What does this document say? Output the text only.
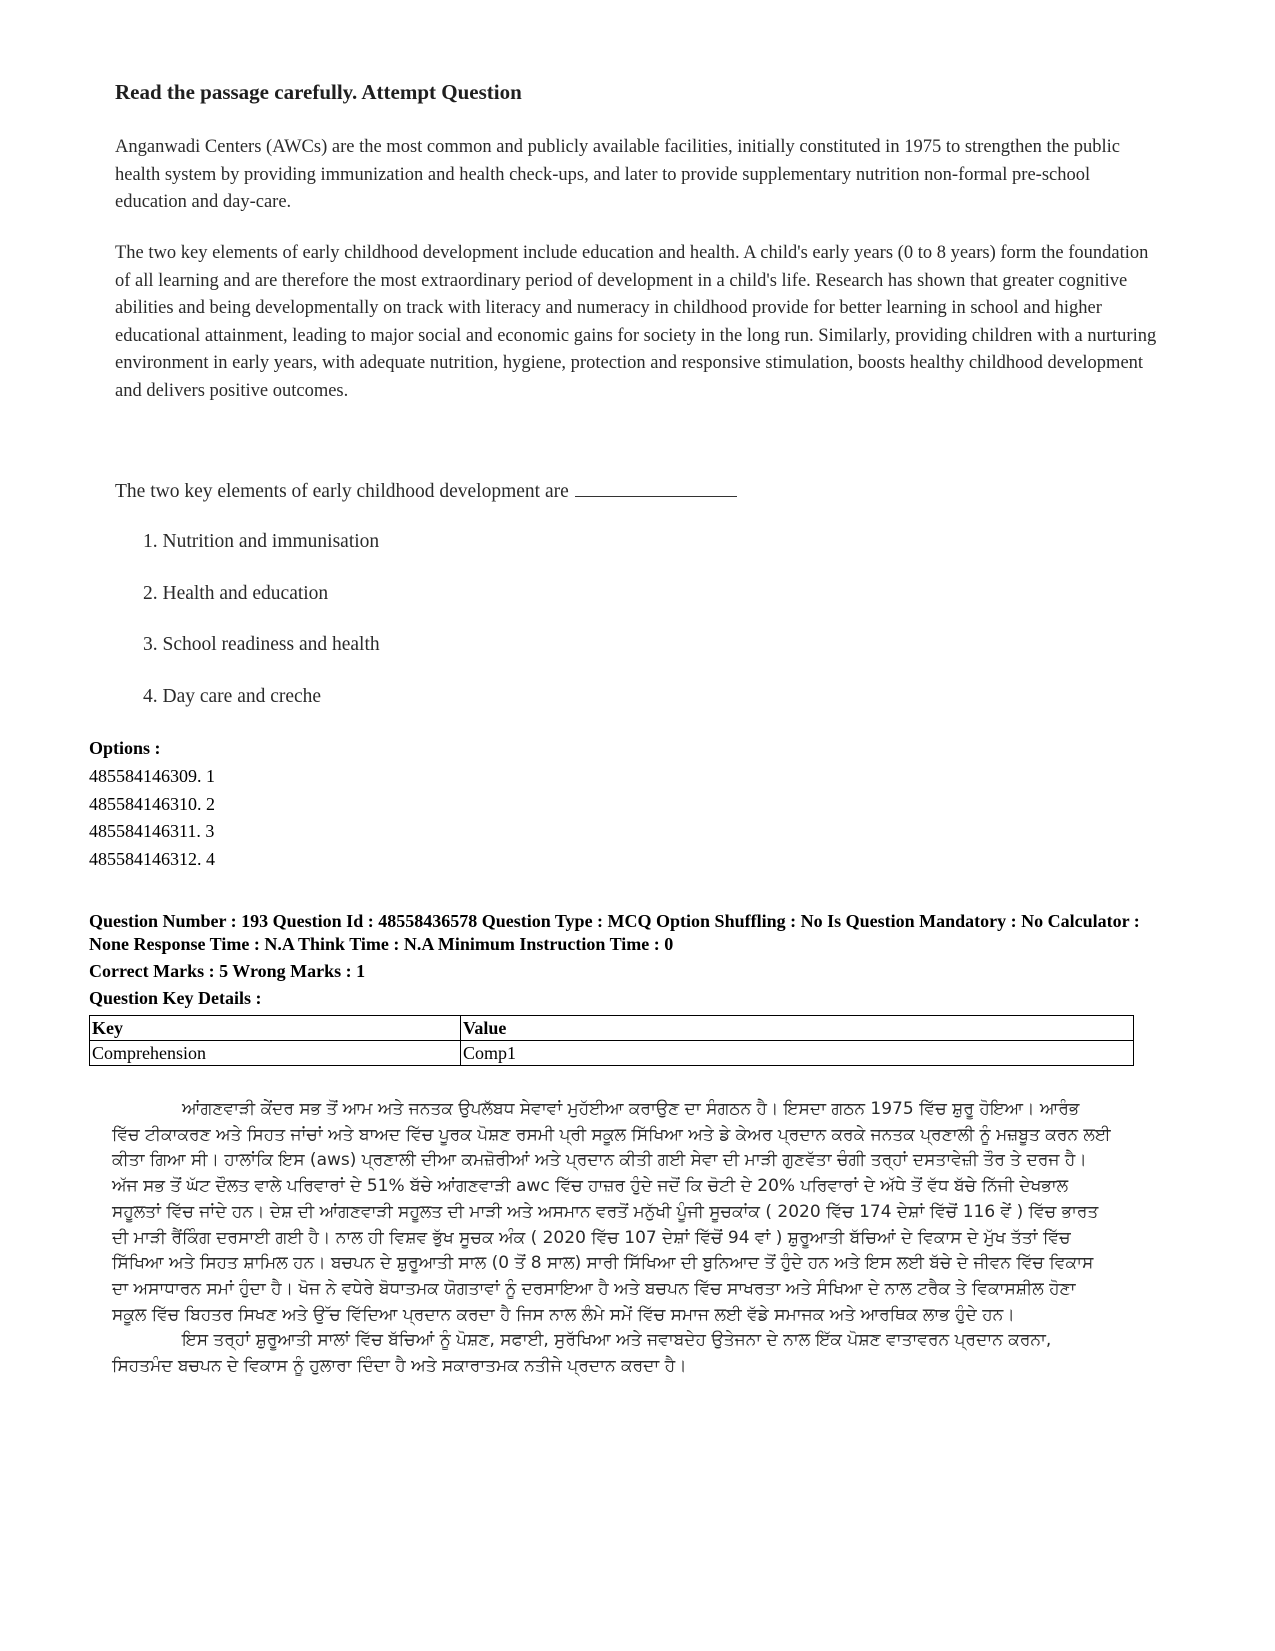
Read the passage carefully. Attempt Question
Anganwadi Centers (AWCs) are the most common and publicly available facilities, initially constituted in 1975 to strengthen the public health system by providing immunization and health check-ups, and later to provide supplementary nutrition non-formal pre-school education and day-care.
The two key elements of early childhood development include education and health. A child's early years (0 to 8 years) form the foundation of all learning and are therefore the most extraordinary period of development in a child's life. Research has shown that greater cognitive abilities and being developmentally on track with literacy and numeracy in childhood provide for better learning in school and higher educational attainment, leading to major social and economic gains for society in the long run. Similarly, providing children with a nurturing environment in early years, with adequate nutrition, hygiene, protection and responsive stimulation, boosts healthy childhood development and delivers positive outcomes.
The two key elements of early childhood development are
1. Nutrition and immunisation
2. Health and education
3. School readiness and health
4. Day care and creche
Options :
485584146309. 1
485584146310. 2
485584146311. 3
485584146312. 4
Question Number : 193 Question Id : 48558436578 Question Type : MCQ Option Shuffling : No Is Question Mandatory : No Calculator : None Response Time : N.A Think Time : N.A Minimum Instruction Time : 0
Correct Marks : 5 Wrong Marks : 1
Question Key Details :
Key	Value
Comprehension	Comp1

ਆਂਗਣਵਾੜੀ ਕੇਂਦਰ ਸਭ ਤੋਂ ਆਮ ਅਤੇ ਜਨਤਕ ਉਪਲੱਬਧ ਸੇਵਾਵਾਂ ਮੁਹੱਈਆ ਕਰਾਉਣ ਦਾ ਸੰਗਠਨ ਹੈ। ਇਸਦਾ ਗਠਨ 1975 ਵਿੱਚ ਸ਼ੁਰੂ ਹੋਇਆ। ਆਰੰਭ ਵਿੱਚ ਟੀਕਾਕਰਣ ਅਤੇ ਸਿਹਤ ਜਾਂਚਾਂ ਅਤੇ ਬਾਅਦ ਵਿੱਚ ਪੂਰਕ ਪੋਸ਼ਣ ਰਸਮੀ ਪ੍ਰੀ ਸਕੂਲ ਸਿੱਖਿਆ ਅਤੇ ਡੇ ਕੇਅਰ ਪ੍ਰਦਾਨ ਕਰਕੇ ਜਨਤਕ ਪ੍ਰਣਾਲੀ ਨੂੰ ਮਜ਼ਬੂਤ ਕਰਨ ਲਈ ਕੀਤਾ ਗਿਆ ਸੀ। ਹਾਲਾਂਕਿ ਇਸ (aws) ਪ੍ਰਣਾਲੀ ਦੀਆ ਕਮਜ਼ੋਰੀਆਂ ਅਤੇ ਪ੍ਰਦਾਨ ਕੀਤੀ ਗਈ ਸੇਵਾ ਦੀ ਮਾੜੀ ਗੁਣਵੱਤਾ ਚੰਗੀ ਤਰ੍ਹਾਂ ਦਸਤਾਵੇਜ਼ੀ ਤੌਰ ਤੇ ਦਰਜ ਹੈ। ਅੱਜ ਸਭ ਤੋਂ ਘੱਟ ਦੌਲਤ ਵਾਲੇ ਪਰਿਵਾਰਾਂ ਦੇ 51% ਬੱਚੇ ਆਂਗਣਵਾੜੀ awc ਵਿੱਚ ਹਾਜ਼ਰ ਹੁੰਦੇ ਜਦੋਂ ਕਿ ਚੋਟੀ ਦੇ 20% ਪਰਿਵਾਰਾਂ ਦੇ ਅੱਧੇ ਤੋਂ ਵੱਧ ਬੱਚੇ ਨਿੱਜੀ ਦੇਖਭਾਲ ਸਹੂਲਤਾਂ ਵਿੱਚ ਜਾਂਦੇ ਹਨ। ਦੇਸ਼ ਦੀ ਆਂਗਣਵਾੜੀ ਸਹੂਲਤ ਦੀ ਮਾੜੀ ਅਤੇ ਅਸਮਾਨ ਵਰਤੋਂ ਮਨੁੱਖੀ ਪੂੰਜੀ ਸੂਚਕਾਂਕ ( 2020 ਵਿੱਚ 174 ਦੇਸ਼ਾਂ ਵਿੱਚੋਂ 116 ਵੇਂ ) ਵਿੱਚ ਭਾਰਤ ਦੀ ਮਾੜੀ ਰੈਂਕਿੰਗ ਦਰਸਾਈ ਗਈ ਹੈ। ਨਾਲ ਹੀ ਵਿਸ਼ਵ ਭੁੱਖ ਸੂਚਕ ਅੰਕ ( 2020 ਵਿੱਚ 107 ਦੇਸ਼ਾਂ ਵਿੱਚੋਂ 94 ਵਾਂ ) ਸ਼ੁਰੂਆਤੀ ਬੱਚਿਆਂ ਦੇ ਵਿਕਾਸ ਦੇ ਮੁੱਖ ਤੱਤਾਂ ਵਿੱਚ ਸਿੱਖਿਆ ਅਤੇ ਸਿਹਤ ਸ਼ਾਮਿਲ ਹਨ। ਬਚਪਨ ਦੇ ਸ਼ੁਰੂਆਤੀ ਸਾਲ (0 ਤੋਂ 8 ਸਾਲ) ਸਾਰੀ ਸਿੱਖਿਆ ਦੀ ਬੁਨਿਆਦ ਤੋਂ ਹੁੰਦੇ ਹਨ ਅਤੇ ਇਸ ਲਈ ਬੱਚੇ ਦੇ ਜੀਵਨ ਵਿੱਚ ਵਿਕਾਸ ਦਾ ਅਸਾਧਾਰਨ ਸਮਾਂ ਹੁੰਦਾ ਹੈ। ਖੋਜ ਨੇ ਵਧੇਰੇ ਬੋਧਾਤਮਕ ਯੋਗਤਾਵਾਂ ਨੂੰ ਦਰਸਾਇਆ ਹੈ ਅਤੇ ਬਚਪਨ ਵਿੱਚ ਸਾਖਰਤਾ ਅਤੇ ਸੰਖਿਆ ਦੇ ਨਾਲ ਟਰੈਕ ਤੇ ਵਿਕਾਸਸ਼ੀਲ ਹੋਣਾ ਸਕੂਲ ਵਿੱਚ ਬਿਹਤਰ ਸਿਖਣ ਅਤੇ ਉੱਚ ਵਿੱਦਿਆ ਪ੍ਰਦਾਨ ਕਰਦਾ ਹੈ ਜਿਸ ਨਾਲ ਲੰਮੇ ਸਮੇਂ ਵਿੱਚ ਸਮਾਜ ਲਈ ਵੱਡੇ ਸਮਾਜਕ ਅਤੇ ਆਰਥਿਕ ਲਾਭ ਹੁੰਦੇ ਹਨ।

ਇਸ ਤਰ੍ਹਾਂ ਸ਼ੁਰੂਆਤੀ ਸਾਲਾਂ ਵਿੱਚ ਬੱਚਿਆਂ ਨੂੰ ਪੋਸ਼ਣ, ਸਫਾਈ, ਸੁਰੱਖਿਆ ਅਤੇ ਜਵਾਬਦੇਹ ਉਤੇਜਨਾ ਦੇ ਨਾਲ ਇੱਕ ਪੋਸ਼ਣ ਵਾਤਾਵਰਨ ਪ੍ਰਦਾਨ ਕਰਨਾ, ਸਿਹਤਮੰਦ ਬਚਪਨ ਦੇ ਵਿਕਾਸ ਨੂੰ ਹੁਲਾਰਾ ਦਿੰਦਾ ਹੈ ਅਤੇ ਸਕਾਰਾਤਮਕ ਨਤੀਜੇ ਪ੍ਰਦਾਨ ਕਰਦਾ ਹੈ।
